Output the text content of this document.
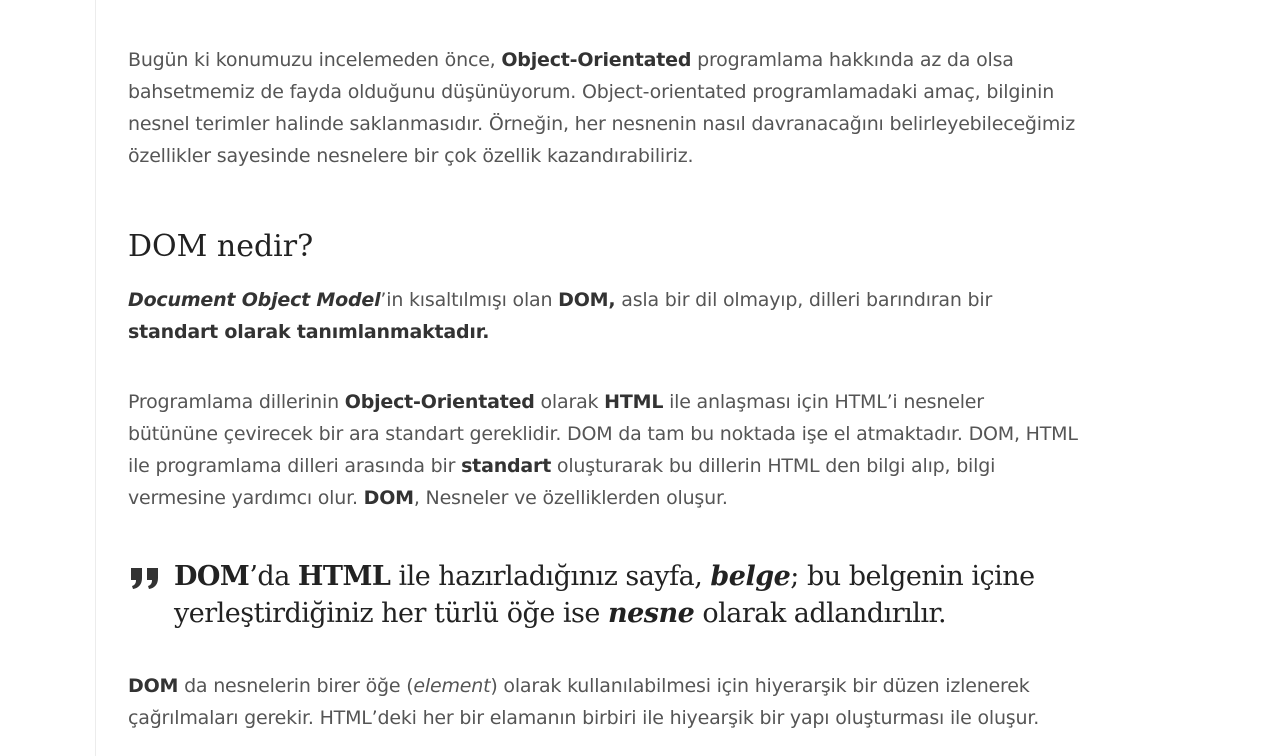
Bugün ki konumuzu incelemeden önce, Object-Orientated programlama hakkında az da olsa bahsetmemiz de fayda olduğunu düşünüyorum. Object-orientated programlamadaki amaç, bilginin nesnel terimler halinde saklanmasıdır. Örneğin, her nesnenin nasıl davranacağını belirleyebileceğimiz özellikler sayesinde nesnelere bir çok özellik kazandırabiliriz.

DOM nedir?

Document Object Model’in kısaltılmışı olan DOM, asla bir dil olmayıp, dilleri barındıran bir
standart olarak tanımlanmaktadır.

Programlama dillerinin Object-Orientated olarak HTML ile anlaşması için HTML’i nesneler bütününe çevirecek bir ara standart gereklidir. DOM da tam bu noktada işe el atmaktadır. DOM, HTML ile programlama dilleri arasında bir standart oluşturarak bu dillerin HTML den bilgi alıp, bilgi vermesine yardımcı olur. DOM, Nesneler ve özelliklerden oluşur.

DOM’da HTML ile hazırladığınız sayfa, belge; bu belgenin içine yerleştirdiğiniz her türlü öğe ise nesne olarak adlandırılır.

DOM da nesnelerin birer öğe (element) olarak kullanılabilmesi için hiyerarşik bir düzen izlenerek çağrılmaları gerekir. HTML’deki her bir elamanın birbiri ile hiyearşik bir yapı oluşturması ile oluşur.
